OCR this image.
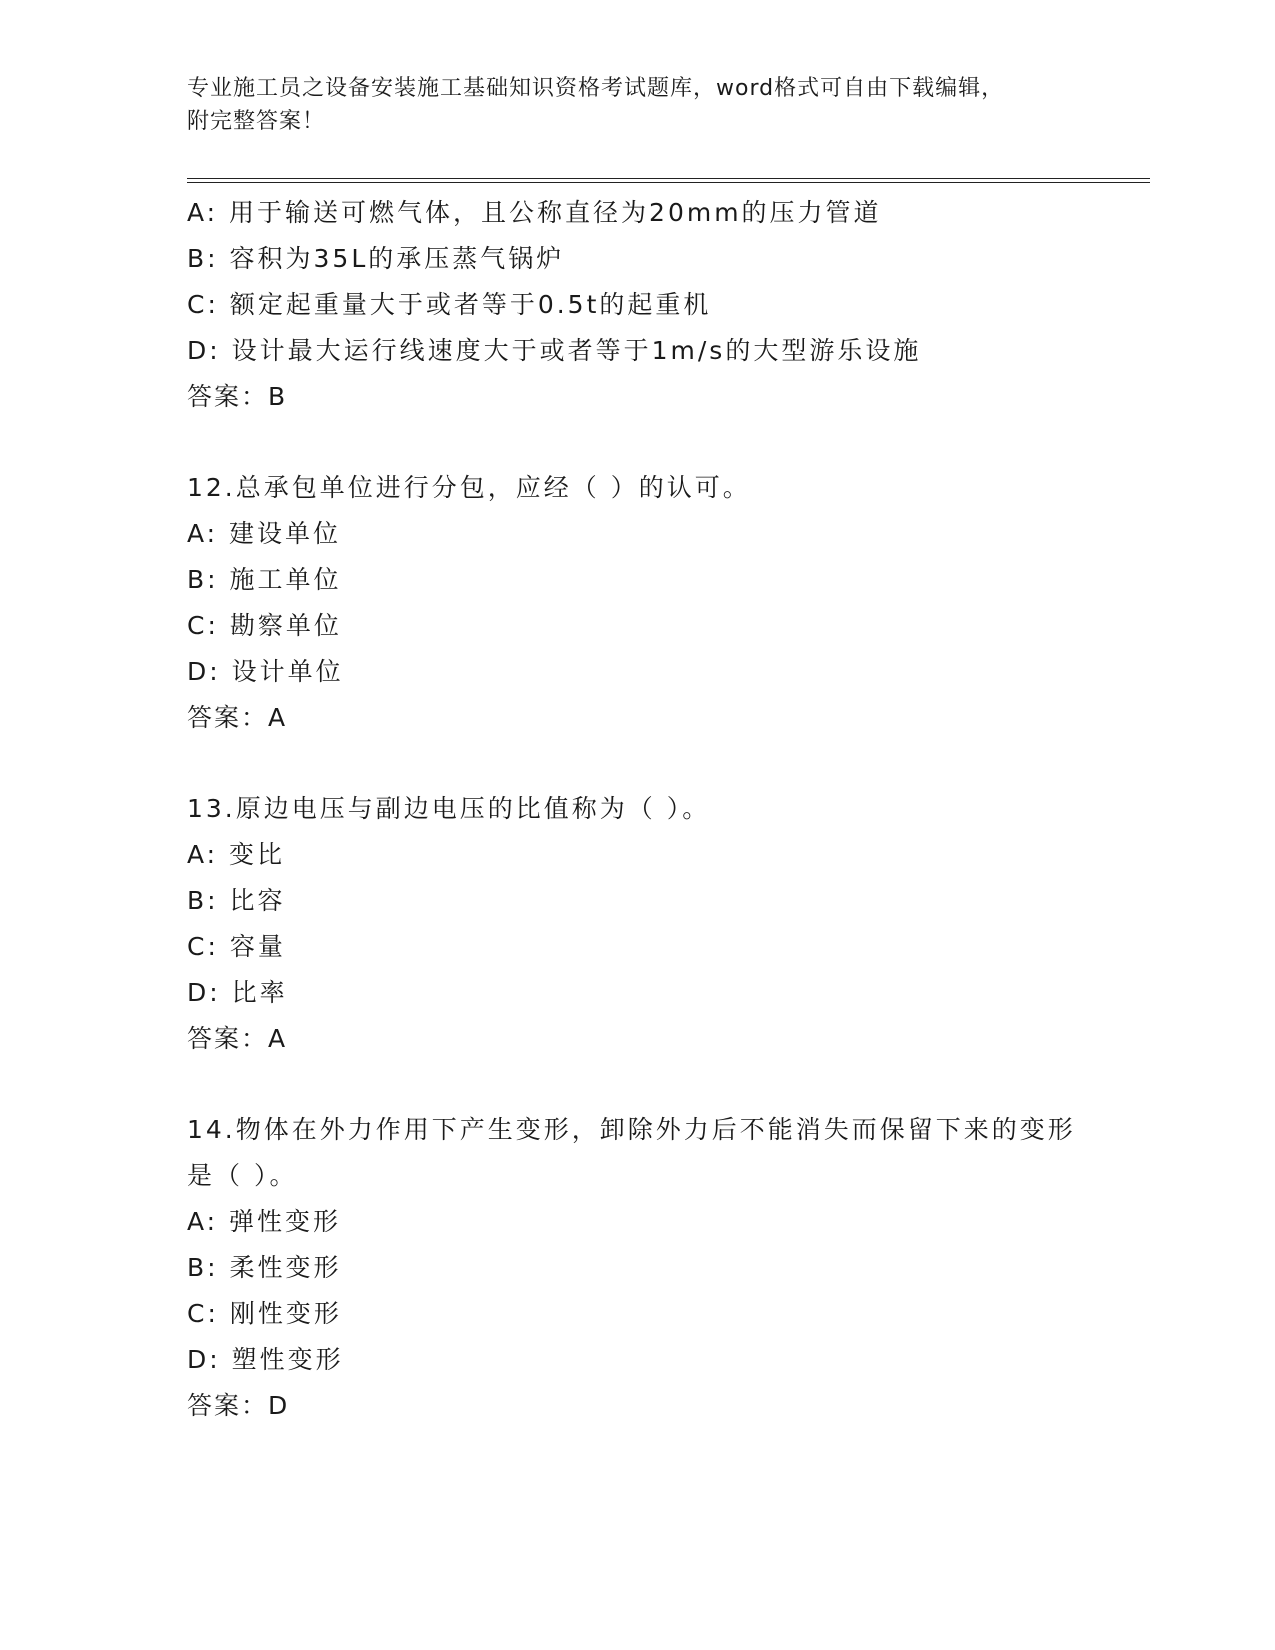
专业施工员之设备安装施工基础知识资格考试题库，word格式可自由下载编辑，
附完整答案！
A: 用于输送可燃气体，且公称直径为20mm的压力管道
B: 容积为35L的承压蒸气锅炉
C: 额定起重量大于或者等于0.5t的起重机
D: 设计最大运行线速度大于或者等于1m/s的大型游乐设施
答案：B
12.总承包单位进行分包，应经（ ）的认可。
A: 建设单位
B: 施工单位
C: 勘察单位
D: 设计单位
答案：A
13.原边电压与副边电压的比值称为（ ）。
A: 变比
B: 比容
C: 容量
D: 比率
答案：A
14.物体在外力作用下产生变形，卸除外力后不能消失而保留下来的变形是（ ）。
A: 弹性变形
B: 柔性变形
C: 刚性变形
D: 塑性变形
答案：D
